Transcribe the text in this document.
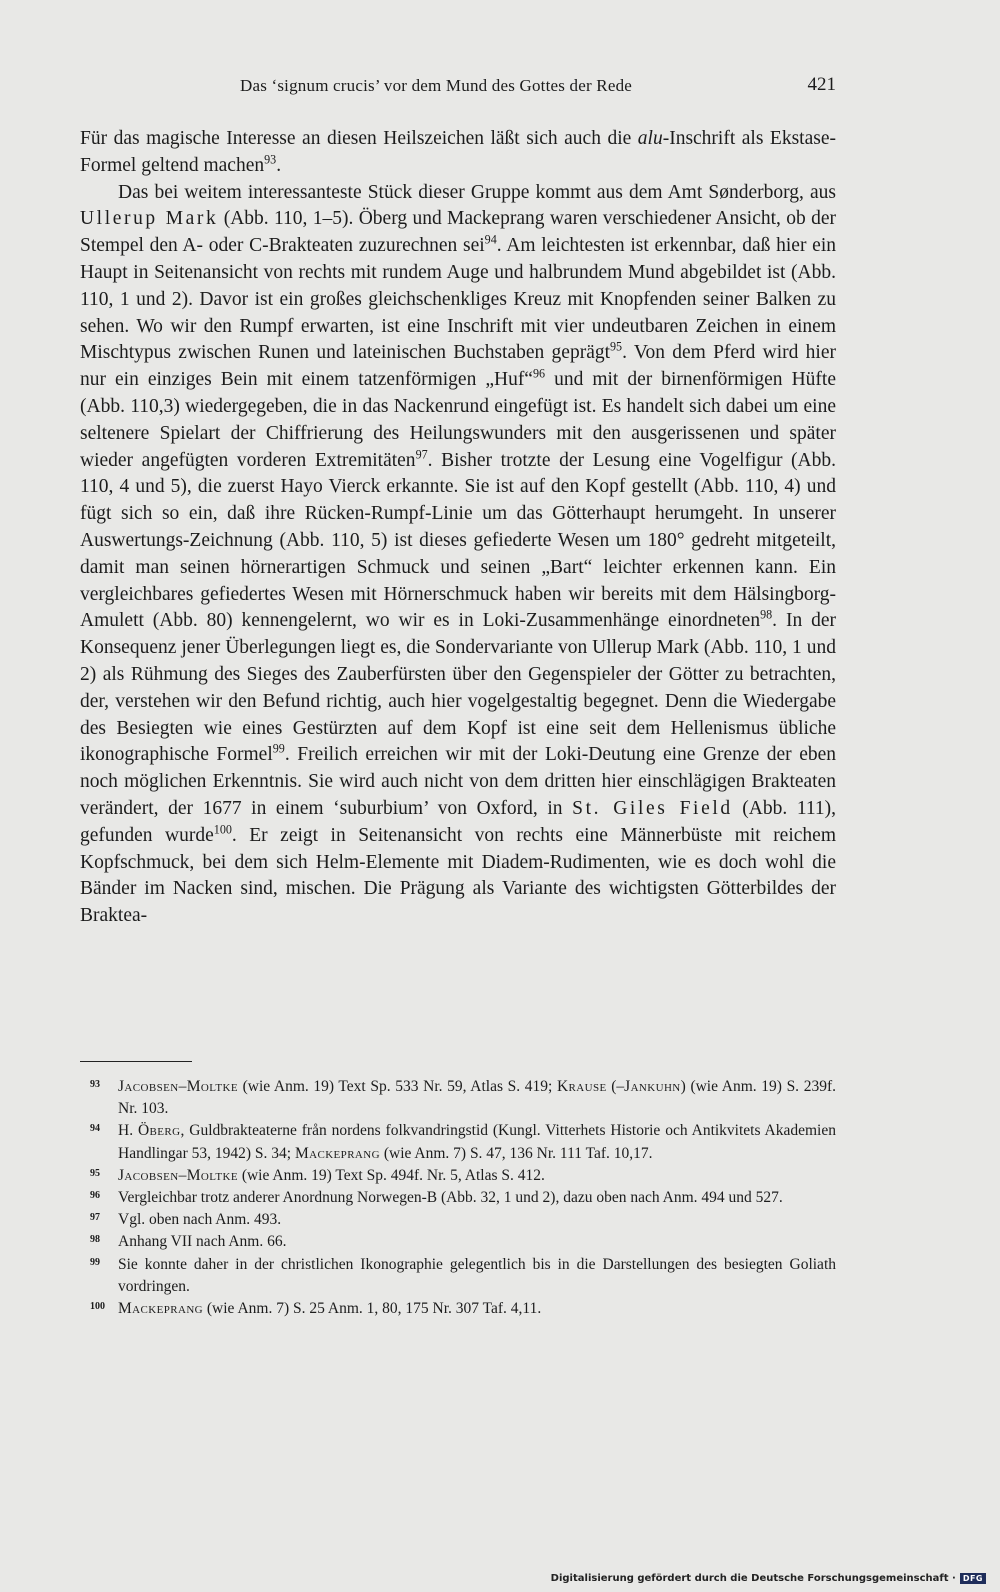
Das ‘signum crucis’ vor dem Mund des Gottes der Rede	421

Für das magische Interesse an diesen Heilszeichen läßt sich auch die alu-Inschrift als Ekstase-Formel geltend machen$^{93}$.

Das bei weitem interessanteste Stück dieser Gruppe kommt aus dem Amt Sønderborg, aus Ullerup Mark (Abb. 110, 1–5). Öberg und Mackeprang waren verschiedener Ansicht, ob der Stempel den A- oder C-Brakteaten zuzurechnen sei$^{94}$. Am leichtesten ist erkennbar, daß hier ein Haupt in Seitenansicht von rechts mit rundem Auge und halbrundem Mund abgebildet ist (Abb. 110, 1 und 2). Davor ist ein großes gleichschenkliges Kreuz mit Knopfenden seiner Balken zu sehen. Wo wir den Rumpf erwarten, ist eine Inschrift mit vier undeutbaren Zeichen in einem Mischtypus zwischen Runen und lateinischen Buchstaben geprägt$^{95}$. Von dem Pferd wird hier nur ein einziges Bein mit einem tatzenförmigen „Huf“$^{96}$ und mit der birnenförmigen Hüfte (Abb. 110,3) wiedergegeben, die in das Nackenrund eingefügt ist. Es handelt sich dabei um eine seltenere Spielart der Chiffrierung des Heilungswunders mit den ausgerissenen und später wieder angefügten vorderen Extremitäten$^{97}$. Bisher trotzte der Lesung eine Vogelfigur (Abb. 110, 4 und 5), die zuerst Hayo Vierck erkannte. Sie ist auf den Kopf gestellt (Abb. 110, 4) und fügt sich so ein, daß ihre Rücken-Rumpf-Linie um das Götterhaupt herumgeht. In unserer Auswertungs-Zeichnung (Abb. 110, 5) ist dieses gefiederte Wesen um 180° gedreht mitgeteilt, damit man seinen hörnerartigen Schmuck und seinen „Bart“ leichter erkennen kann. Ein vergleichbares gefiedertes Wesen mit Hörnerschmuck haben wir bereits mit dem Hälsingborg-Amulett (Abb. 80) kennengelernt, wo wir es in Loki-Zusammenhänge einordneten$^{98}$. In der Konsequenz jener Überlegungen liegt es, die Sondervariante von Ullerup Mark (Abb. 110, 1 und 2) als Rühmung des Sieges des Zauberfürsten über den Gegenspieler der Götter zu betrachten, der, verstehen wir den Befund richtig, auch hier vogelgestaltig begegnet. Denn die Wiedergabe des Besiegten wie eines Gestürzten auf dem Kopf ist eine seit dem Hellenismus übliche ikonographische Formel$^{99}$. Freilich erreichen wir mit der Loki-Deutung eine Grenze der eben noch möglichen Erkenntnis. Sie wird auch nicht von dem dritten hier einschlägigen Brakteaten verändert, der 1677 in einem ‘suburbium’ von Oxford, in St. Giles Field (Abb. 111), gefunden wurde$^{100}$. Er zeigt in Seitenansicht von rechts eine Männerbüste mit reichem Kopfschmuck, bei dem sich Helm-Elemente mit Diadem-Rudimenten, wie es doch wohl die Bänder im Nacken sind, mischen. Die Prägung als Variante des wichtigsten Götterbildes der Braktea-

93 Jacobsen–Moltke (wie Anm. 19) Text Sp. 533 Nr. 59, Atlas S. 419; Krause (–Jankuhn) (wie Anm. 19) S. 239f. Nr. 103.
94 H. Öberg, Guldbrakteaterne från nordens folkvandringstid (Kungl. Vitterhets Historie och Antikvitets Akademien Handlingar 53, 1942) S. 34; Mackeprang (wie Anm. 7) S. 47, 136 Nr. 111 Taf. 10,17.
95 Jacobsen–Moltke (wie Anm. 19) Text Sp. 494f. Nr. 5, Atlas S. 412.
96 Vergleichbar trotz anderer Anordnung Norwegen-B (Abb. 32, 1 und 2), dazu oben nach Anm. 494 und 527.
97 Vgl. oben nach Anm. 493.
98 Anhang VII nach Anm. 66.
99 Sie konnte daher in der christlichen Ikonographie gelegentlich bis in die Darstellungen des besiegten Goliath vordringen.
100 Mackeprang (wie Anm. 7) S. 25 Anm. 1, 80, 175 Nr. 307 Taf. 4,11.
Digitalisierung gefördert durch die Deutsche Forschungsgemeinschaft · DFG
